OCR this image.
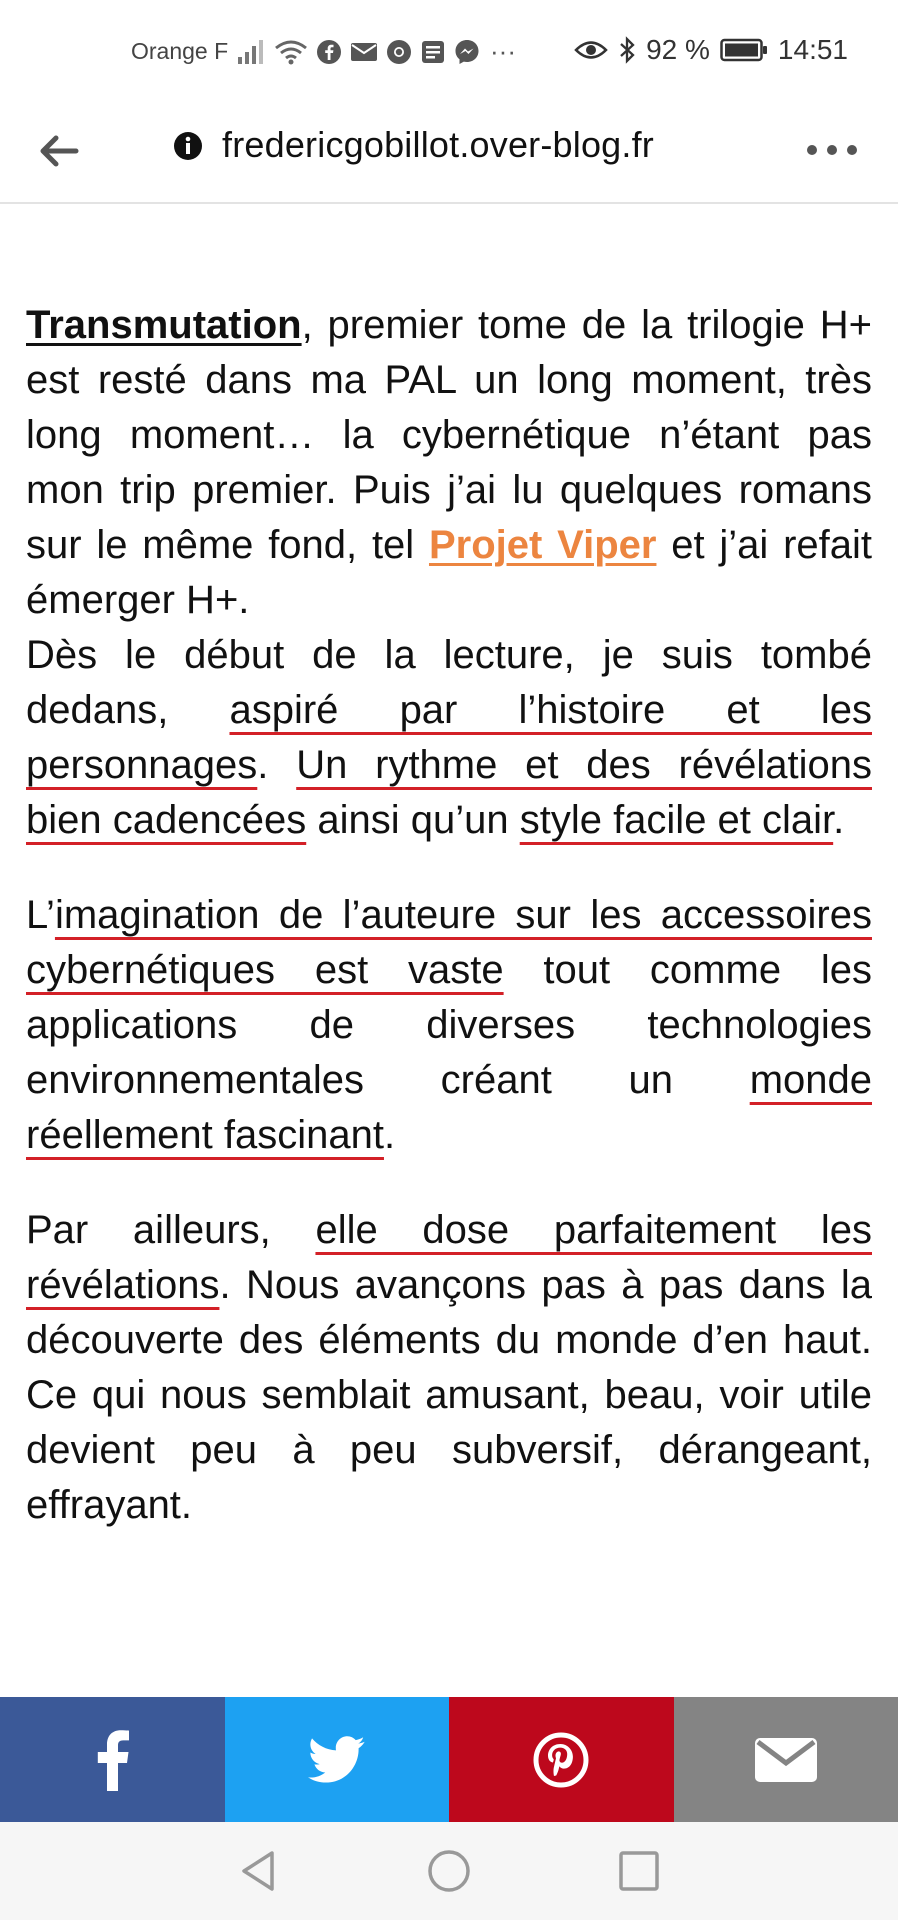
Orange F	···	92 % 14:51
fredericgobillot.over-blog.fr

Transmutation, premier tome de la trilogie H+ est resté dans ma PAL un long moment, très long moment… la cybernétique n’étant pas mon trip premier. Puis j’ai lu quelques romans sur le même fond, tel Projet Viper et j’ai refait émerger H+.
Dès le début de la lecture, je suis tombé dedans, aspiré par l’histoire et les personnages. Un rythme et des révélations bien cadencées ainsi qu’un style facile et clair.

L’imagination de l’auteure sur les accessoires cybernétiques est vaste tout comme les applications de diverses technologies environnementales créant un monde réellement fascinant.

Par ailleurs, elle dose parfaitement les révélations. Nous avançons pas à pas dans la découverte des éléments du monde d’en haut. Ce qui nous semblait amusant, beau, voir utile devient peu à peu subversif, dérangeant, effrayant.
